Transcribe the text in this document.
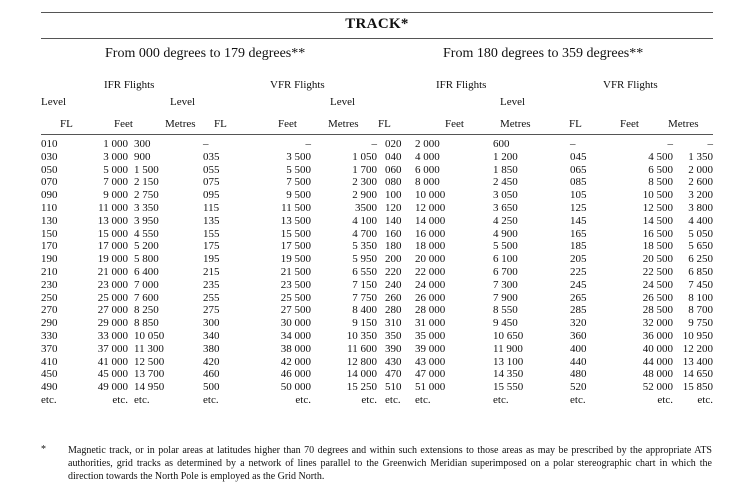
TRACK*
From 000 degrees to 179 degrees**	From 180 degrees to 359 degrees**
IFR Flights	VFR Flights	IFR Flights	VFR Flights
Level	Level	Level	Level
FL	Feet	Metres FL	Feet	Metres FL	Feet	Metres	FL	Feet	Metres
010	1 000	300	–	–	–	020	2 000	600	–	–	–
030	3 000	900	035	3 500	1 050	040	4 000	1 200	045	4 500	1 350
050	5 000	1 500	055	5 500	1 700	060	6 000	1 850	065	6 500	2 000
070	7 000	2 150	075	7 500	2 300	080	8 000	2 450	085	8 500	2 600
090	9 000	2 750	095	9 500	2 900	100	10 000	3 050	105	10 500	3 200
110	11 000	3 350	115	11 500	3500	120	12 000	3 650	125	12 500	3 800
130	13 000	3 950	135	13 500	4 100	140	14 000	4 250	145	14 500	4 400
150	15 000	4 550	155	15 500	4 700	160	16 000	4 900	165	16 500	5 050
170	17 000	5 200	175	17 500	5 350	180	18 000	5 500	185	18 500	5 650
190	19 000	5 800	195	19 500	5 950	200	20 000	6 100	205	20 500	6 250
210	21 000	6 400	215	21 500	6 550	220	22 000	6 700	225	22 500	6 850
230	23 000	7 000	235	23 500	7 150	240	24 000	7 300	245	24 500	7 450
250	25 000	7 600	255	25 500	7 750	260	26 000	7 900	265	26 500	8 100
270	27 000	8 250	275	27 500	8 400	280	28 000	8 550	285	28 500	8 700
290	29 000	8 850	300	30 000	9 150	310	31 000	9 450	320	32 000	9 750
330	33 000	10 050	340	34 000	10 350	350	35 000	10 650	360	36 000	10 950
370	37 000	11 300	380	38 000	11 600	390	39 000	11 900	400	40 000	12 200
410	41 000	12 500	420	42 000	12 800	430	43 000	13 100	440	44 000	13 400
450	45 000	13 700	460	46 000	14 000	470	47 000	14 350	480	48 000	14 650
490	49 000	14 950	500	50 000	15 250	510	51 000	15 550	520	52 000	15 850
etc.	etc.	etc.	etc.	etc.	etc.	etc.	etc.	etc.	etc.	etc.	etc.
* Magnetic track, or in polar areas at latitudes higher than 70 degrees and within such extensions to those areas as may be prescribed by the appropriate ATS authorities, grid tracks as determined by a network of lines parallel to the Greenwich Meridian superimposed on a polar stereographic chart in which the direction towards the North Pole is employed as the Grid North.
